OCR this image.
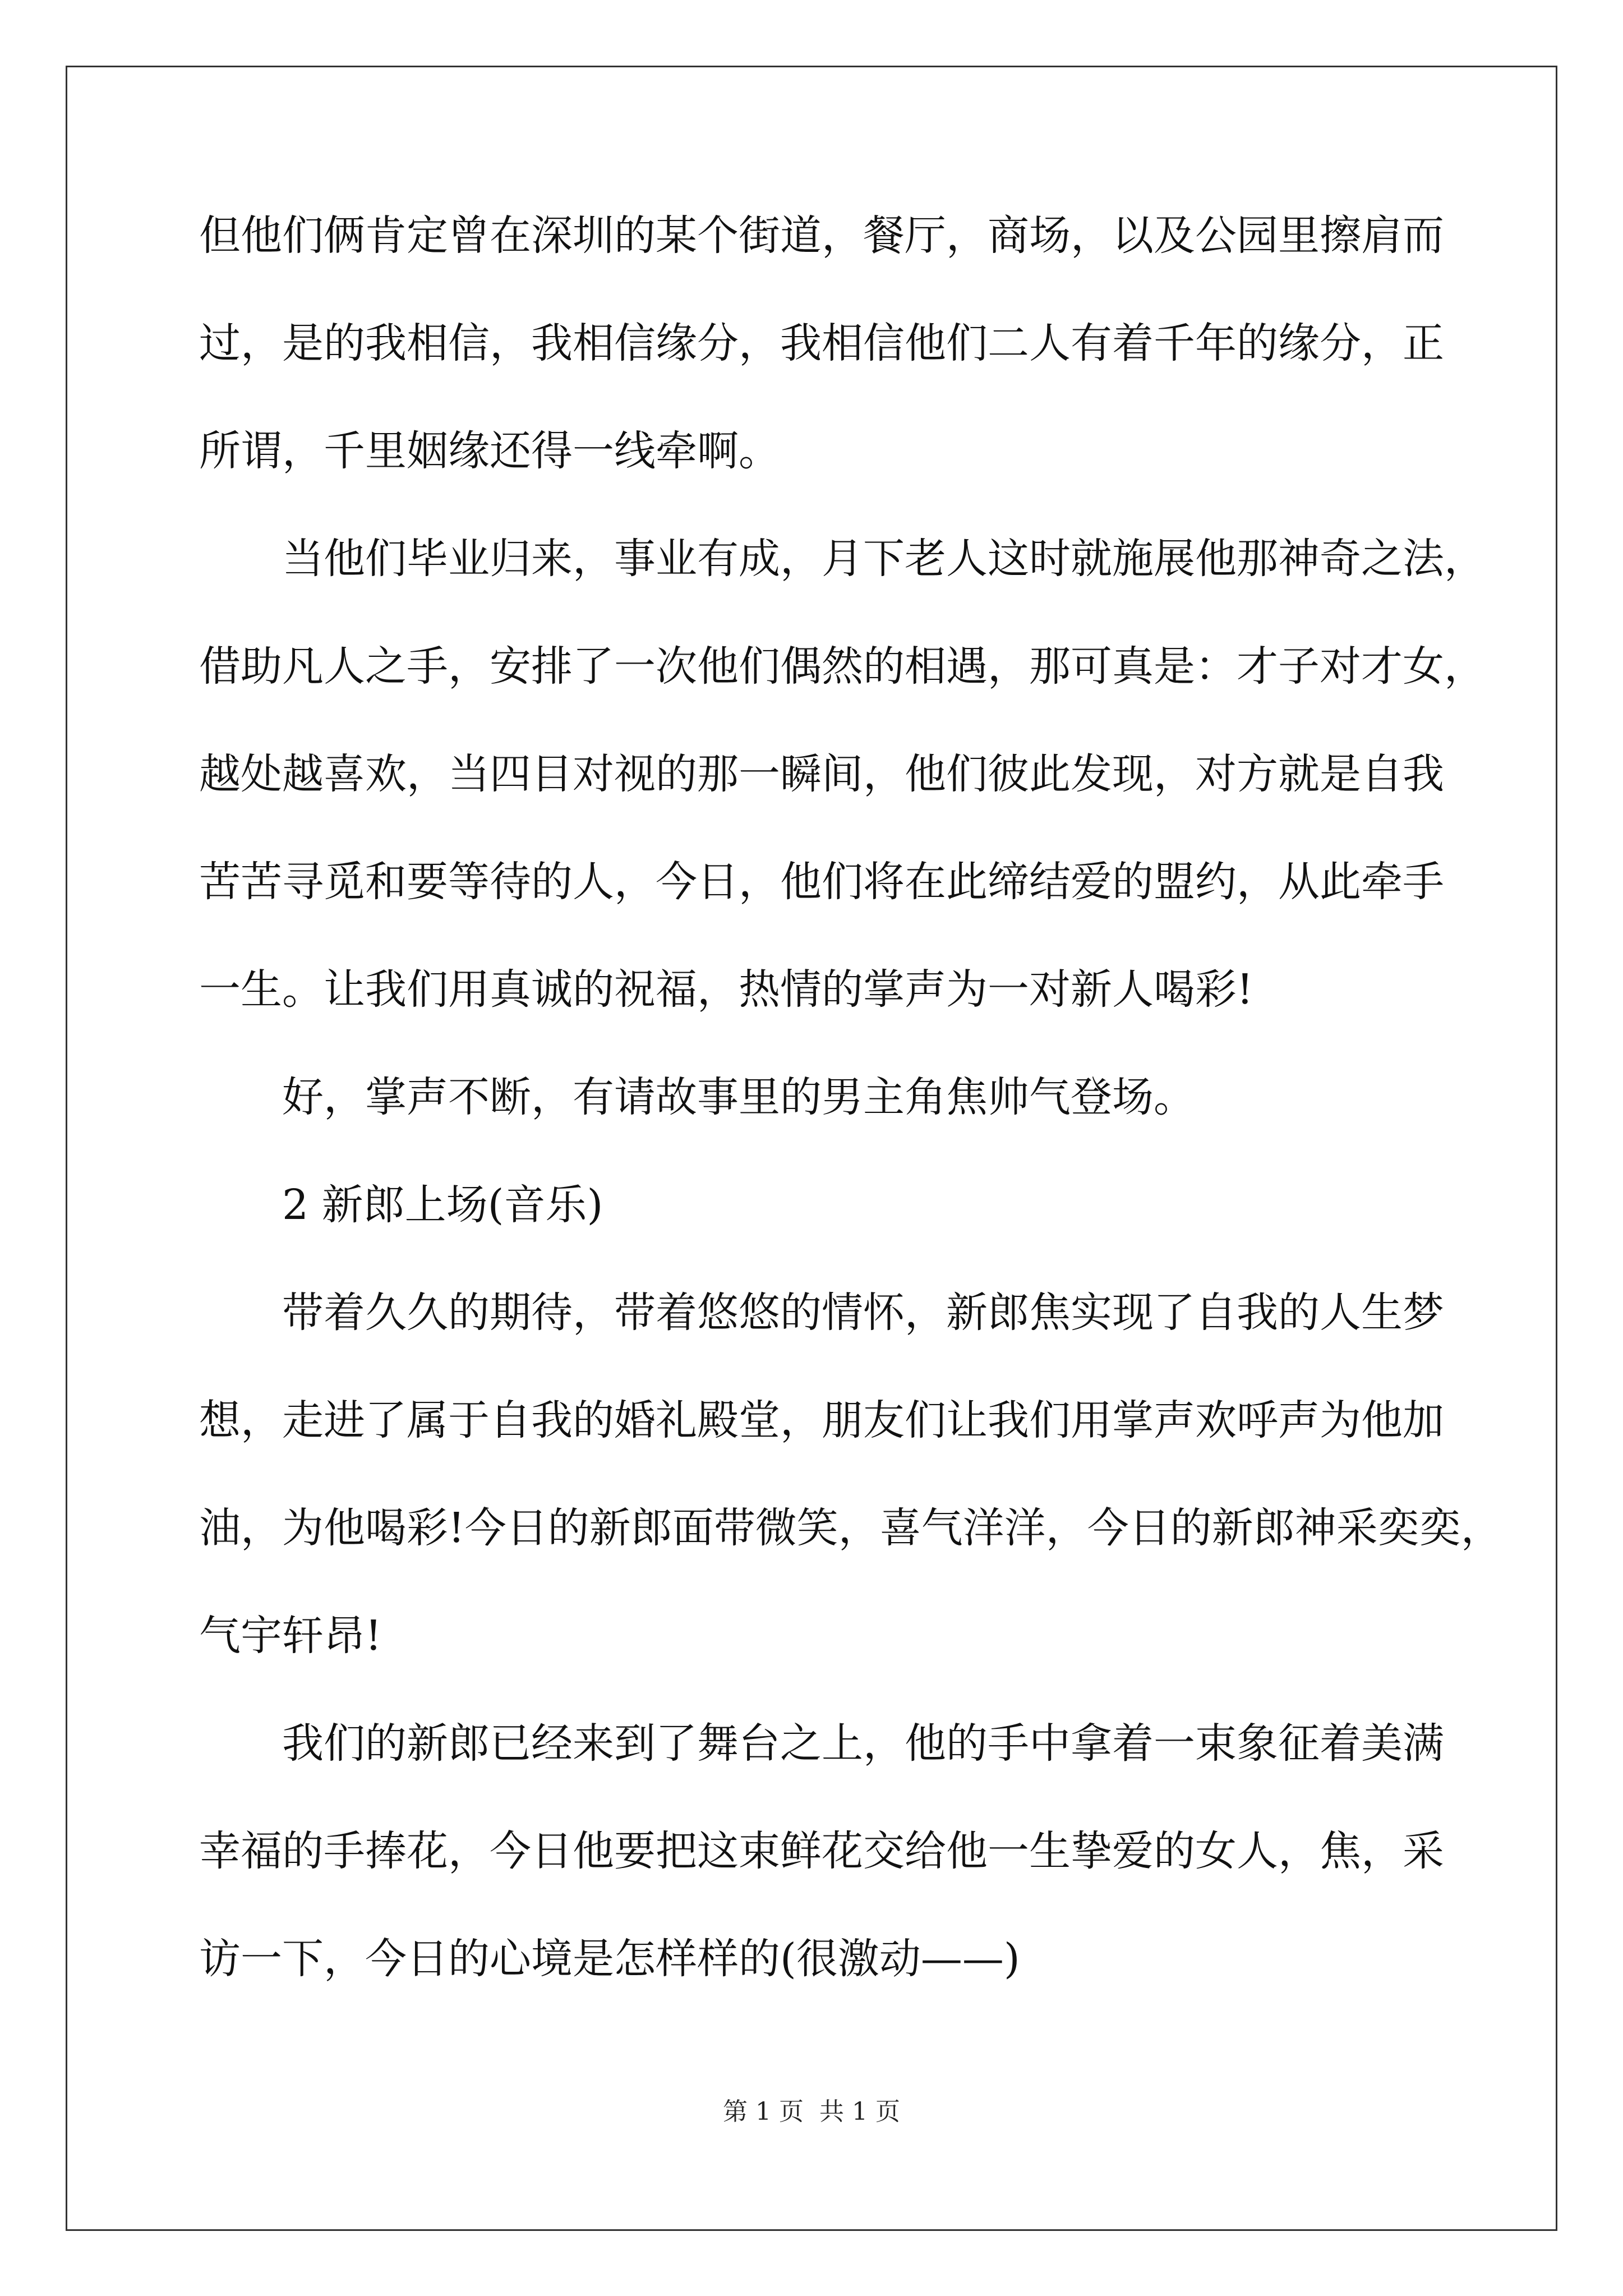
但他们俩肯定曾在深圳的某个街道，餐厅，商场，以及公园里擦肩而
过，是的我相信，我相信缘分，我相信他们二人有着千年的缘分，正
所谓，千里姻缘还得一线牵啊。
当他们毕业归来，事业有成，月下老人这时就施展他那神奇之法，
借助凡人之手，安排了一次他们偶然的相遇，那可真是：才子对才女，
越处越喜欢，当四目对视的那一瞬间，他们彼此发现，对方就是自我
苦苦寻觅和要等待的人，今日，他们将在此缔结爱的盟约，从此牵手
一生。让我们用真诚的祝福，热情的掌声为一对新人喝彩!
好，掌声不断，有请故事里的男主角焦帅气登场。
2 新郎上场(音乐)
带着久久的期待，带着悠悠的情怀，新郎焦实现了自我的人生梦
想，走进了属于自我的婚礼殿堂，朋友们让我们用掌声欢呼声为他加
油，为他喝彩!今日的新郎面带微笑，喜气洋洋，今日的新郎神采奕奕，
气宇轩昂!
我们的新郎已经来到了舞台之上，他的手中拿着一束象征着美满
幸福的手捧花，今日他要把这束鲜花交给他一生挚爱的女人，焦，采
访一下，今日的心境是怎样样的(很激动——)
第 1 页 共 1 页
